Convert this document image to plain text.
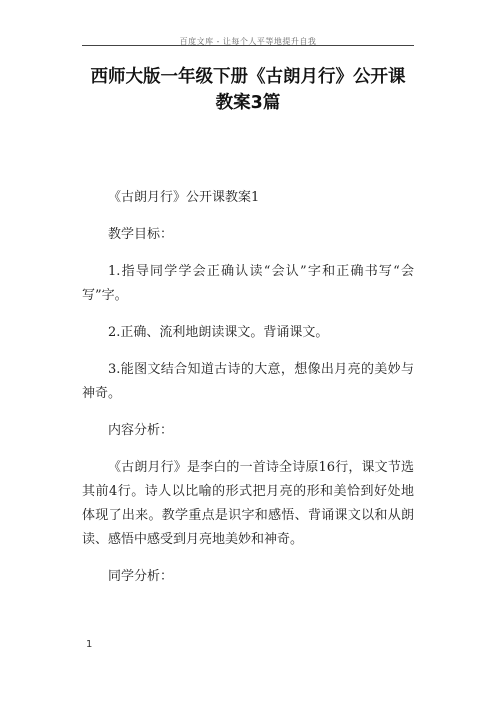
百度文库 - 让每个人平等地提升自我
西师大版一年级下册《古朗月行》公开课教案3篇

《古朗月行》公开课教案1

教学目标：

1.指导同学学会正确认读“会认”字和正确书写“会写”字。

2.正确、流利地朗读课文。背诵课文。

3.能图文结合知道古诗的大意，想像出月亮的美妙与神奇。

内容分析：

《古朗月行》是李白的一首诗全诗原16行，课文节选其前4行。诗人以比喻的形式把月亮的形和美恰到好处地体现了出来。教学重点是识字和感悟、背诵课文以和从朗读、感悟中感受到月亮地美妙和神奇。

同学分析：

1
